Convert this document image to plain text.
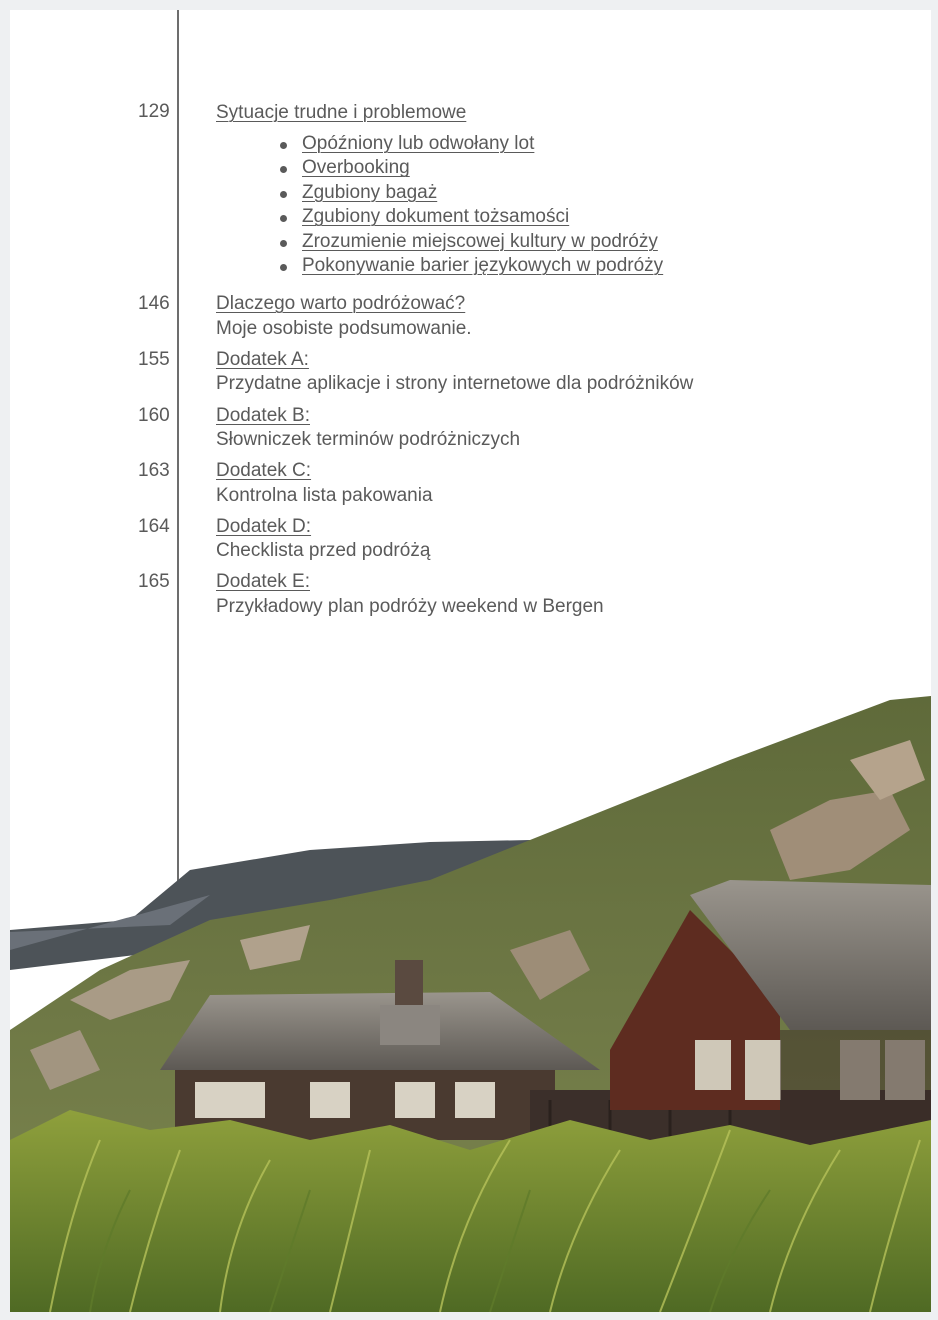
129 Sytuacje trudne i problemowe
Opóźniony lub odwołany lot
Overbooking
Zgubiony bagaż
Zgubiony dokument tożsamości
Zrozumienie miejscowej kultury w podróży
Pokonywanie barier językowych w podróży
146 Dlaczego warto podróżować?
Moje osobiste podsumowanie.
155 Dodatek A:
Przydatne aplikacje i strony internetowe dla podróżników
160 Dodatek B:
Słowniczek terminów podróżniczych
163 Dodatek C:
Kontrolna lista pakowania
164 Dodatek D:
Checklista przed podróżą
165 Dodatek E:
Przykładowy plan podróży weekend w Bergen
